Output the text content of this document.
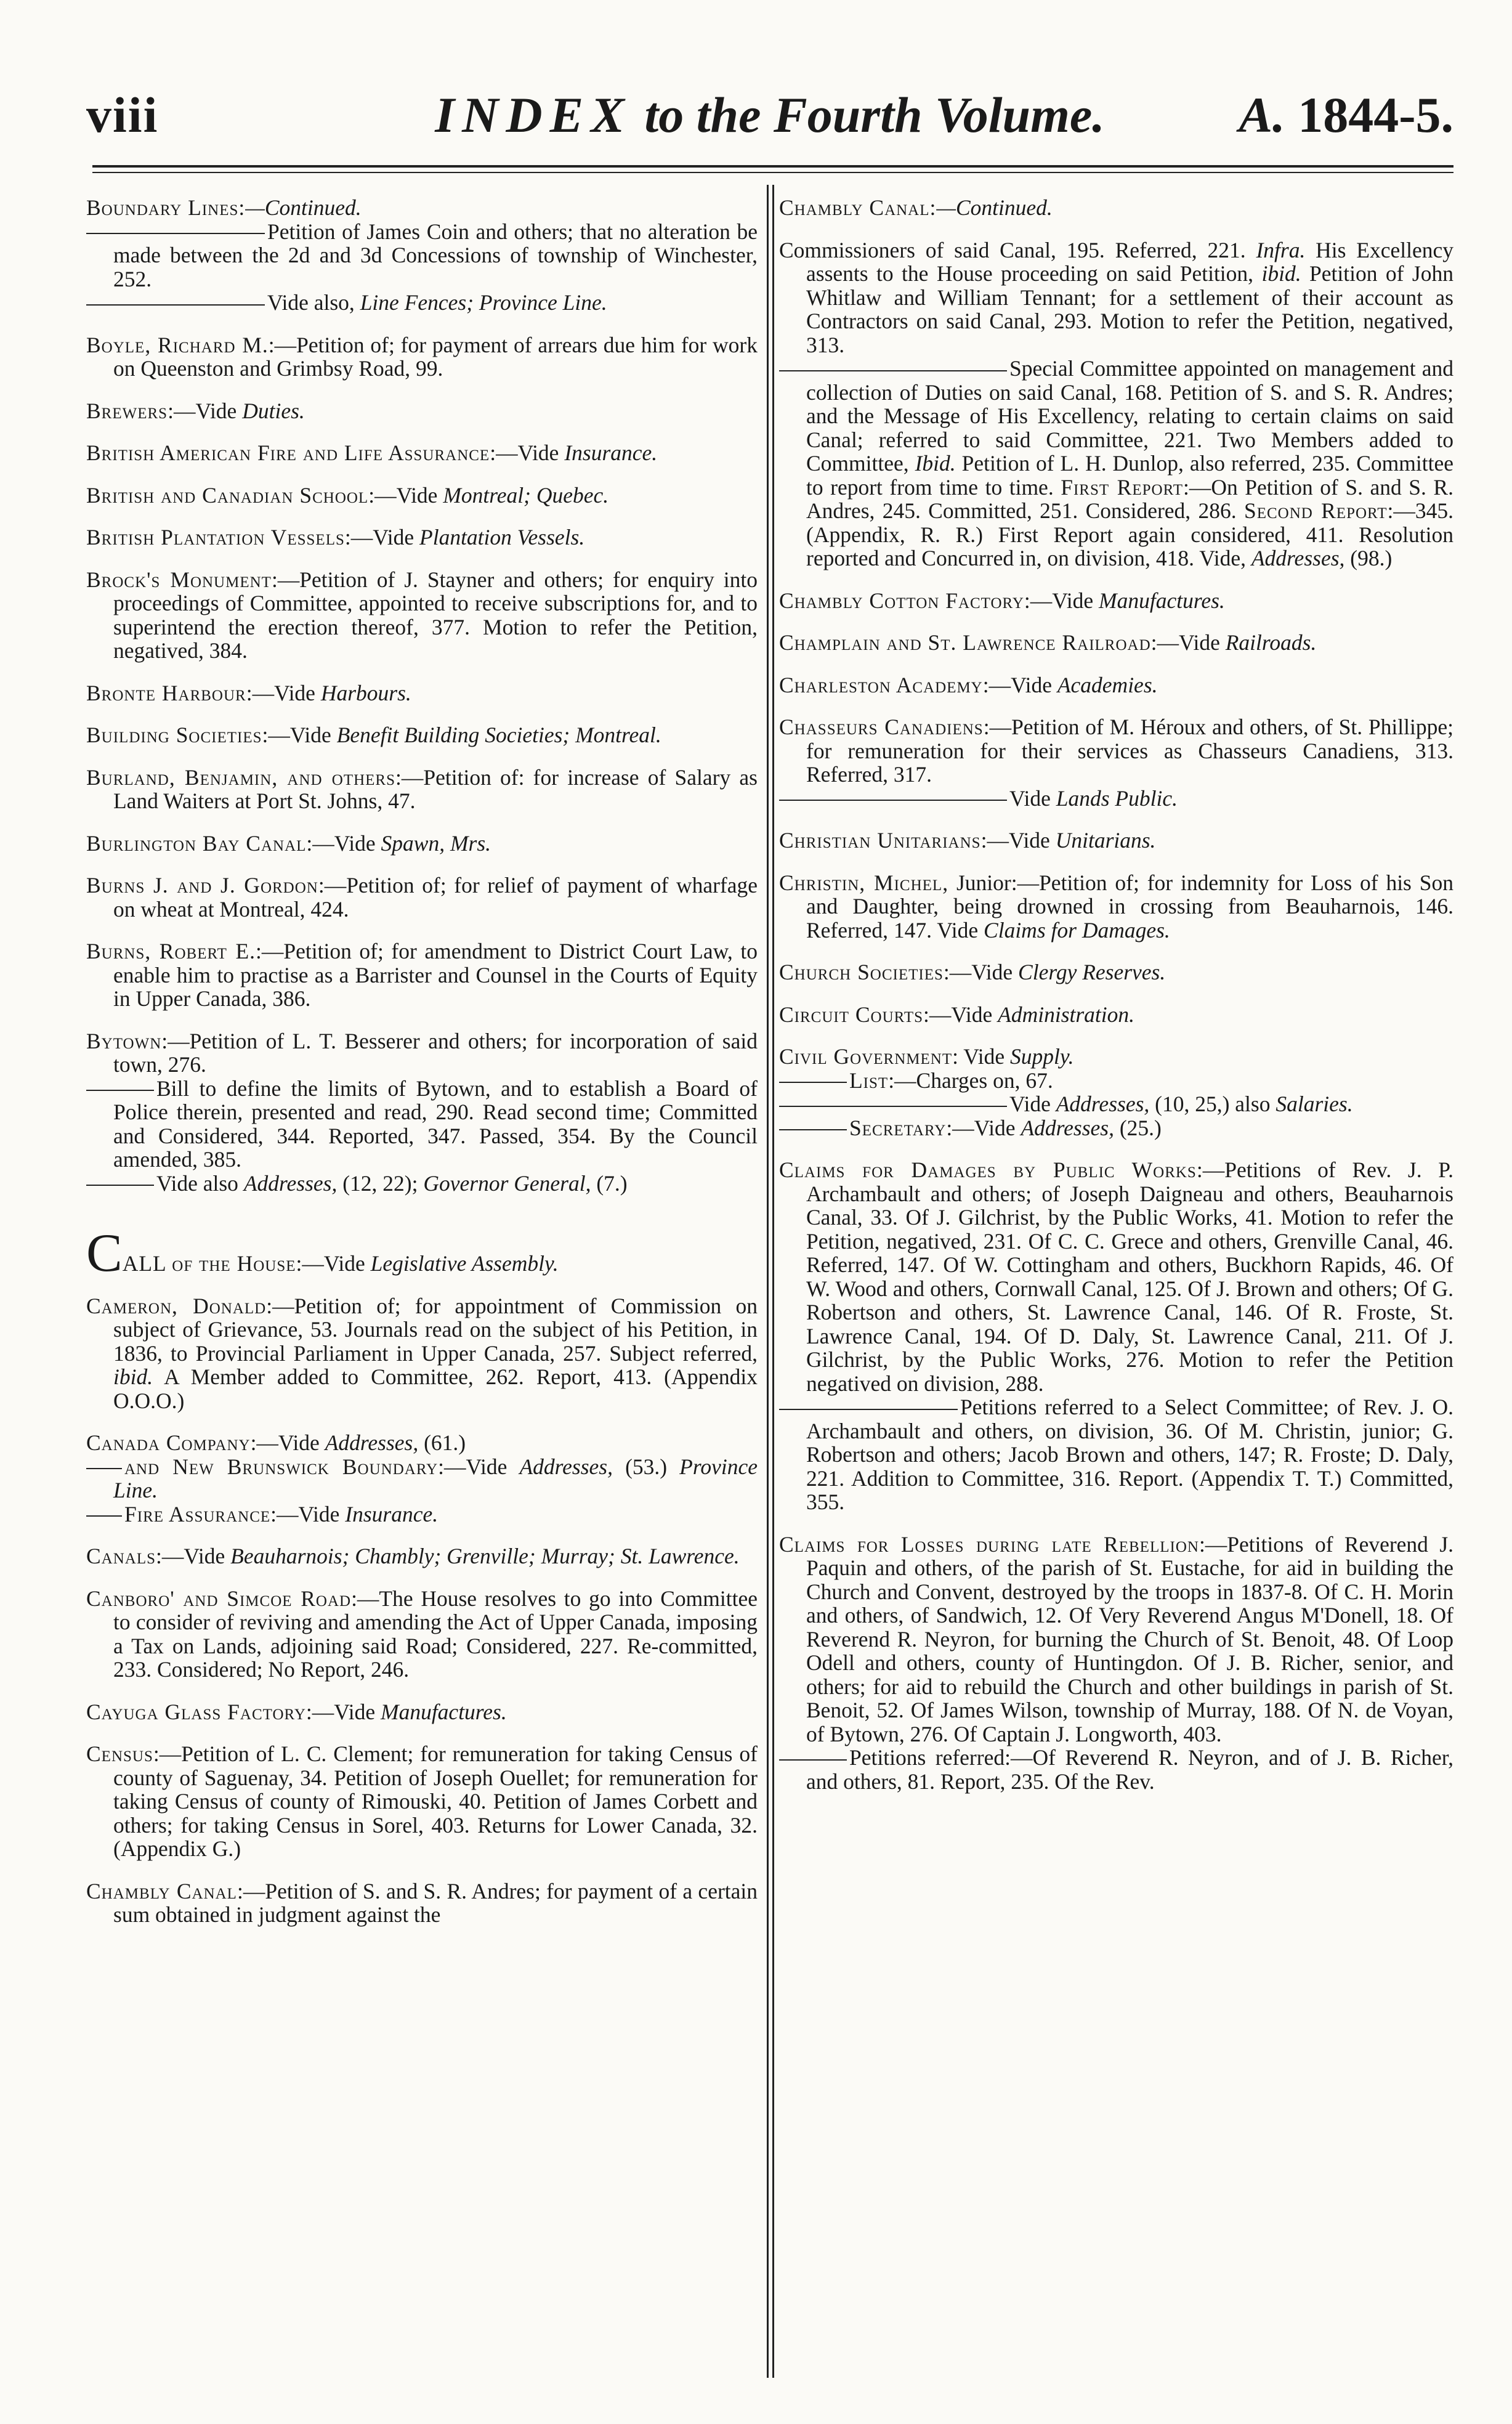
viii	INDEX to the Fourth Volume.	A. 1844-5.
Boundary Lines:—Continued.
Petition of James Coin and others; that no alteration be made between the 2d and 3d Concessions of township of Winchester, 252.
Vide also, Line Fences; Province Line.
Boyle, Richard M.:—Petition of; for payment of arrears due him for work on Queenston and Grimbsy Road, 99.
Brewers:—Vide Duties.
British American Fire and Life Assurance:—Vide Insurance.
British and Canadian School:—Vide Montreal; Quebec.
British Plantation Vessels:—Vide Plantation Vessels.
Brock's Monument:—Petition of J. Stayner and others; for enquiry into proceedings of Committee, appointed to receive subscriptions for, and to superintend the erection thereof, 377. Motion to refer the Petition, negatived, 384.
Bronte Harbour:—Vide Harbours.
Building Societies:—Vide Benefit Building Societies; Montreal.
Burland, Benjamin, and others:—Petition of: for increase of Salary as Land Waiters at Port St. Johns, 47.
Burlington Bay Canal:—Vide Spawn, Mrs.
Burns J. and J. Gordon:—Petition of; for relief of payment of wharfage on wheat at Montreal, 424.
Burns, Robert E.:—Petition of; for amendment to District Court Law, to enable him to practise as a Barrister and Counsel in the Courts of Equity in Upper Canada, 386.
Bytown:—Petition of L. T. Besserer and others; for incorporation of said town, 276.
Bill to define the limits of Bytown, and to establish a Board of Police therein, presented and read, 290. Read second time; Committed and Considered, 344. Reported, 347. Passed, 354. By the Council amended, 385.
Vide also Addresses, (12, 22); Governor General, (7.)
CALL of the House:—Vide Legislative Assembly.
Cameron, Donald:—Petition of; for appointment of Commission on subject of Grievance, 53. Journals read on the subject of his Petition, in 1836, to Provincial Parliament in Upper Canada, 257. Subject referred, ibid. A Member added to Committee, 262. Report, 413. (Appendix O.O.O.)
Canada Company:—Vide Addresses, (61.)
and New Brunswick Boundary:—Vide Addresses, (53.) Province Line.
Fire Assurance:—Vide Insurance.
Canals:—Vide Beauharnois; Chambly; Grenville; Murray; St. Lawrence.
Canboro' and Simcoe Road:—The House resolves to go into Committee to consider of reviving and amending the Act of Upper Canada, imposing a Tax on Lands, adjoining said Road; Considered, 227. Re-committed, 233. Considered; No Report, 246.
Cayuga Glass Factory:—Vide Manufactures.
Census:—Petition of L. C. Clement; for remuneration for taking Census of county of Saguenay, 34. Petition of Joseph Ouellet; for remuneration for taking Census of county of Rimouski, 40. Petition of James Corbett and others; for taking Census in Sorel, 403. Returns for Lower Canada, 32. (Appendix G.)
Chambly Canal:—Petition of S. and S. R. Andres; for payment of a certain sum obtained in judgment against the
Chambly Canal:—Continued.
Commissioners of said Canal, 195. Referred, 221. Infra. His Excellency assents to the House proceeding on said Petition, ibid. Petition of John Whitlaw and William Tennant; for a settlement of their account as Contractors on said Canal, 293. Motion to refer the Petition, negatived, 313.
Special Committee appointed on management and collection of Duties on said Canal, 168. Petition of S. and S. R. Andres; and the Message of His Excellency, relating to certain claims on said Canal; referred to said Committee, 221. Two Members added to Committee, Ibid. Petition of L. H. Dunlop, also referred, 235. Committee to report from time to time. First Report:—On Petition of S. and S. R. Andres, 245. Committed, 251. Considered, 286. Second Report:—345. (Appendix, R. R.) First Report again considered, 411. Resolution reported and Concurred in, on division, 418. Vide, Addresses, (98.)
Chambly Cotton Factory:—Vide Manufactures.
Champlain and St. Lawrence Railroad:—Vide Railroads.
Charleston Academy:—Vide Academies.
Chasseurs Canadiens:—Petition of M. Héroux and others, of St. Phillippe; for remuneration for their services as Chasseurs Canadiens, 313. Referred, 317.
Vide Lands Public.
Christian Unitarians:—Vide Unitarians.
Christin, Michel, Junior:—Petition of; for indemnity for Loss of his Son and Daughter, being drowned in crossing from Beauharnois, 146. Referred, 147. Vide Claims for Damages.
Church Societies:—Vide Clergy Reserves.
Circuit Courts:—Vide Administration.
Civil Government: Vide Supply.
List:—Charges on, 67.
Vide Addresses, (10, 25,) also Salaries.
Secretary:—Vide Addresses, (25.)
Claims for Damages by Public Works:—Petitions of Rev. J. P. Archambault and others; of Joseph Daigneau and others, Beauharnois Canal, 33. Of J. Gilchrist, by the Public Works, 41. Motion to refer the Petition, negatived, 231. Of C. C. Grece and others, Grenville Canal, 46. Referred, 147. Of W. Cottingham and others, Buckhorn Rapids, 46. Of W. Wood and others, Cornwall Canal, 125. Of J. Brown and others; Of G. Robertson and others, St. Lawrence Canal, 146. Of R. Froste, St. Lawrence Canal, 194. Of D. Daly, St. Lawrence Canal, 211. Of J. Gilchrist, by the Public Works, 276. Motion to refer the Petition negatived on division, 288.
Petitions referred to a Select Committee; of Rev. J. O. Archambault and others, on division, 36. Of M. Christin, junior; G. Robertson and others; Jacob Brown and others, 147; R. Froste; D. Daly, 221. Addition to Committee, 316. Report. (Appendix T. T.) Committed, 355.
Claims for Losses during late Rebellion:—Petitions of Reverend J. Paquin and others, of the parish of St. Eustache, for aid in building the Church and Convent, destroyed by the troops in 1837-8. Of C. H. Morin and others, of Sandwich, 12. Of Very Reverend Angus M'Donell, 18. Of Reverend R. Neyron, for burning the Church of St. Benoit, 48. Of Loop Odell and others, county of Huntingdon. Of J. B. Richer, senior, and others; for aid to rebuild the Church and other buildings in parish of St. Benoit, 52. Of James Wilson, township of Murray, 188. Of N. de Voyan, of Bytown, 276. Of Captain J. Longworth, 403.
Petitions referred:—Of Reverend R. Neyron, and of J. B. Richer, and others, 81. Report, 235. Of the Rev.
